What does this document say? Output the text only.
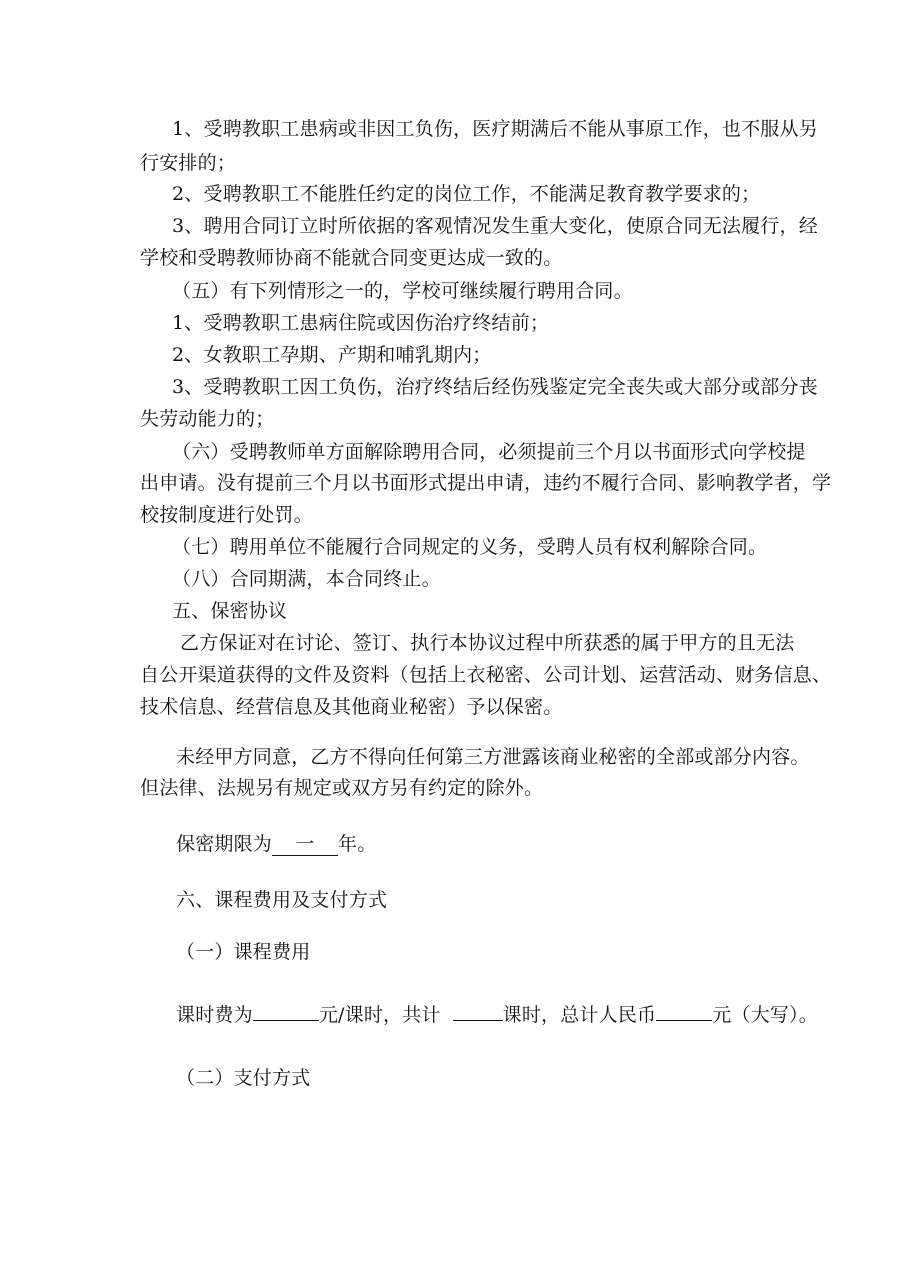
1、受聘教职工患病或非因工负伤，医疗期满后不能从事原工作，也不服从另
行安排的；
2、受聘教职工不能胜任约定的岗位工作，不能满足教育教学要求的；
3、聘用合同订立时所依据的客观情况发生重大变化，使原合同无法履行，经
学校和受聘教师协商不能就合同变更达成一致的。
（五）有下列情形之一的，学校可继续履行聘用合同。
1、受聘教职工患病住院或因伤治疗终结前；
2、女教职工孕期、产期和哺乳期内；
3、受聘教职工因工负伤，治疗终结后经伤残鉴定完全丧失或大部分或部分丧
失劳动能力的；
（六）受聘教师单方面解除聘用合同，必须提前三个月以书面形式向学校提
出申请。没有提前三个月以书面形式提出申请，违约不履行合同、影响教学者，学
校按制度进行处罚。
（七）聘用单位不能履行合同规定的义务，受聘人员有权利解除合同。
（八）合同期满，本合同终止。
五、保密协议
乙方保证对在讨论、签订、执行本协议过程中所获悉的属于甲方的且无法
自公开渠道获得的文件及资料（包括上衣秘密、公司计划、运营活动、财务信息、
技术信息、经营信息及其他商业秘密）予以保密。
未经甲方同意，乙方不得向任何第三方泄露该商业秘密的全部或部分内容。
但法律、法规另有规定或双方另有约定的除外。
保密期限为 一 年。
六、课程费用及支付方式
（一）课程费用
课时费为	元/课时，共计	课时，总计人民币	元（大写）。
（二）支付方式
